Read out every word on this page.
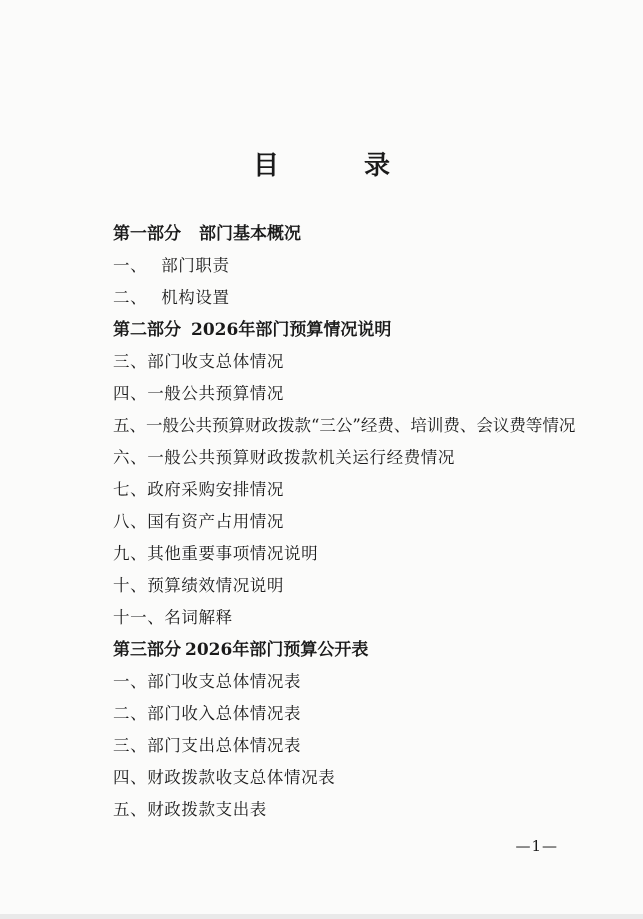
目 录
第一部分 部门基本概况
一、 部门职责
二、 机构设置
第二部分 2026年部门预算情况说明
三、部门收支总体情况
四、一般公共预算情况
五、一般公共预算财政拨款“三公”经费、培训费、会议费等情况
六、一般公共预算财政拨款机关运行经费情况
七、政府采购安排情况
八、国有资产占用情况
九、其他重要事项情况说明
十、预算绩效情况说明
十一、名词解释
第三部分 2026年部门预算公开表
一、部门收支总体情况表
二、部门收入总体情况表
三、部门支出总体情况表
四、财政拨款收支总体情况表
五、财政拨款支出表
—1—
